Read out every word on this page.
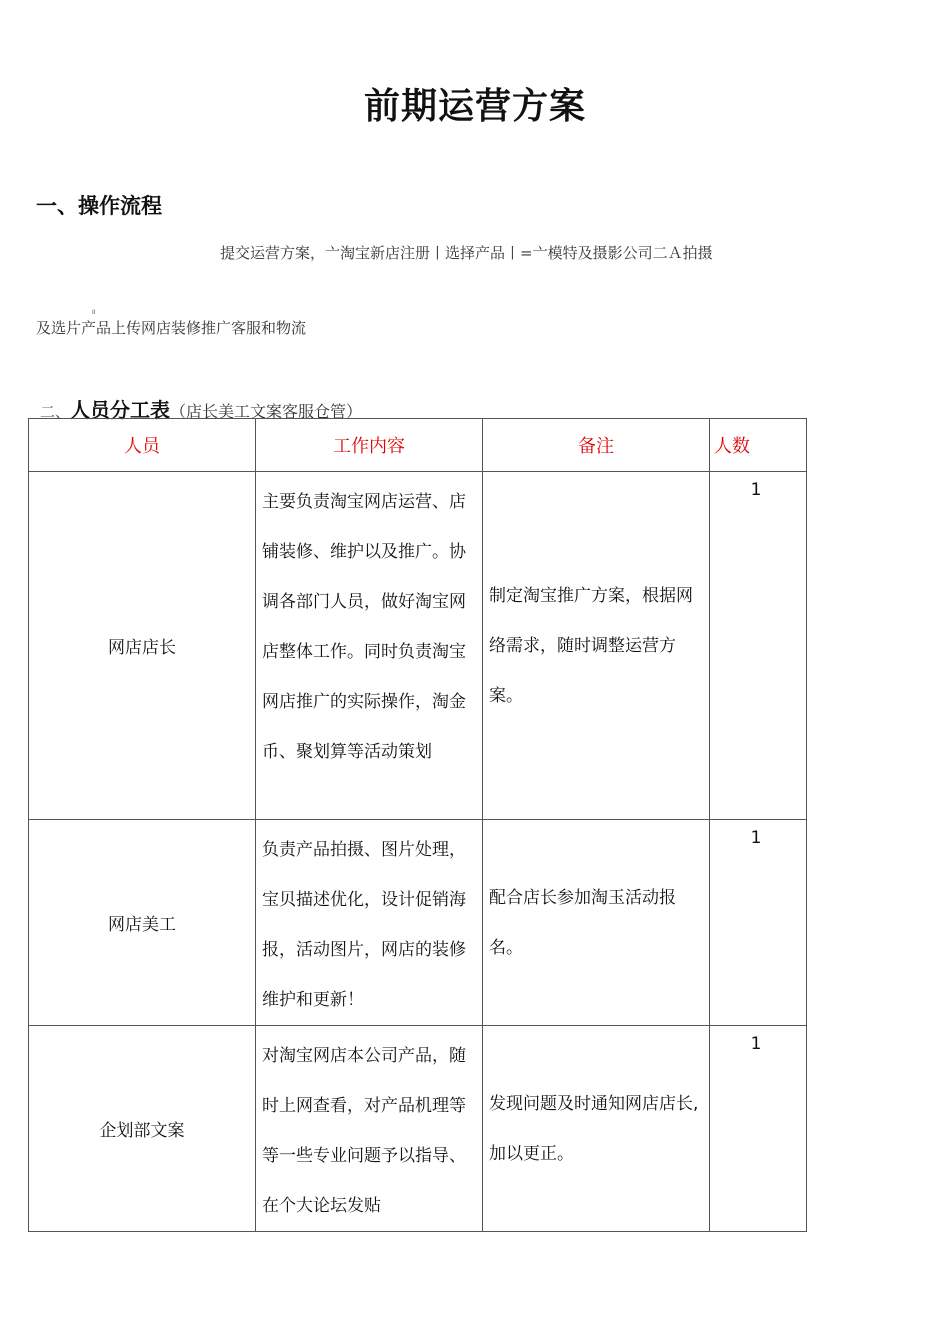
前期运营方案
一、操作流程
提交运营方案，亠淘宝新店注册丨选择产品丨=亠模特及摄影公司二Ａ拍摄
II
及选片产品上传网店装修推广客服和物流
二、人员分工表（店长美工文案客服仓管）
人员	工作内容	备注	人数
网店店长	主要负责淘宝网店运营、店铺装修、维护以及推广。协调各部门人员，做好淘宝网店整体工作。同时负责淘宝网店推广的实际操作，淘金币、聚划算等活动策划	制定淘宝推广方案，根据网络需求，随时调整运营方案。	1
网店美工	负责产品拍摄、图片处理，宝贝描述优化，设计促销海报，活动图片，网店的装修维护和更新！	配合店长参加淘玉活动报名。	1
企划部文案	对淘宝网店本公司产品，随时上网查看，对产品机理等等一些专业问题予以指导、在个大论坛发贴	发现问题及时通知网店店长,加以更正。	1
